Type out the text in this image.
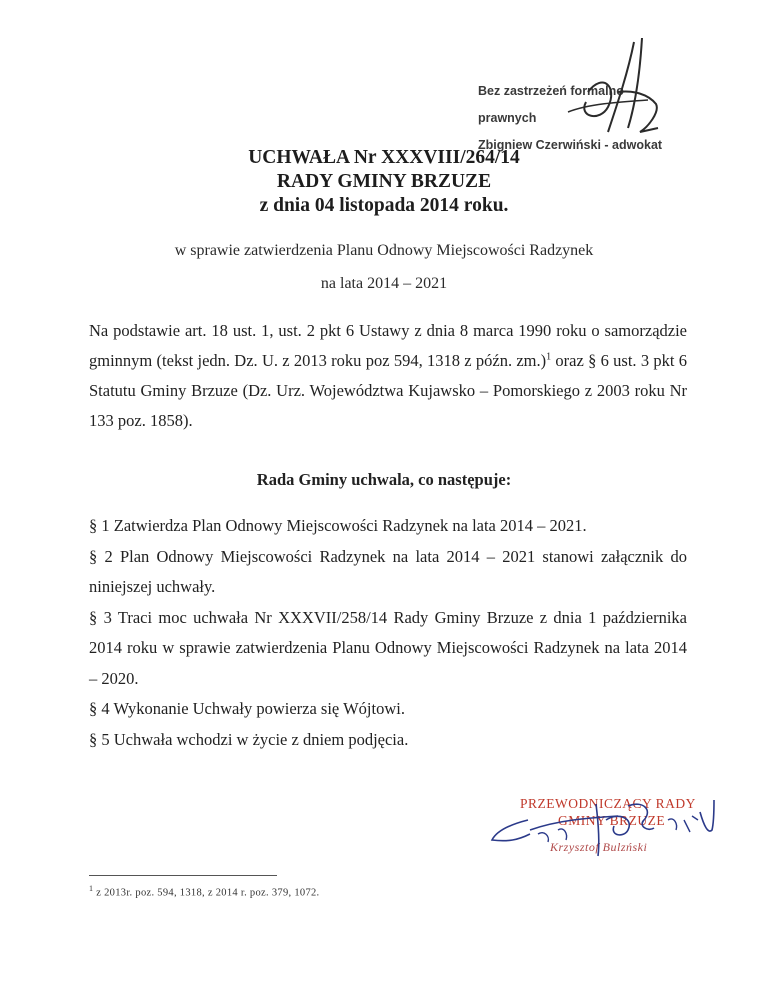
Bez zastrzeżeń formalno-prawnych
Zbigniew Czerwiński - adwokat
UCHWAŁA Nr XXXVIII/264/14
RADY GMINY BRZUZE
z dnia 04 listopada 2014 roku.
w sprawie zatwierdzenia Planu Odnowy Miejscowości Radzynek
na lata 2014 – 2021
Na podstawie art. 18 ust. 1, ust. 2 pkt 6 Ustawy z dnia 8 marca 1990 roku o samorządzie gminnym (tekst jedn. Dz. U. z 2013 roku poz 594, 1318 z późn. zm.)$^1$ oraz § 6 ust. 3 pkt 6 Statutu Gminy Brzuze (Dz. Urz. Województwa Kujawsko – Pomorskiego z 2003 roku Nr 133 poz. 1858).
Rada Gminy uchwala, co następuje:

§ 1 Zatwierdza Plan Odnowy Miejscowości Radzynek na lata 2014 – 2021.

§ 2 Plan Odnowy Miejscowości Radzynek na lata 2014 – 2021 stanowi załącznik do niniejszej uchwały.

§ 3 Traci moc uchwała Nr XXXVII/258/14 Rady Gminy Brzuze z dnia 1 października 2014 roku w sprawie zatwierdzenia Planu Odnowy Miejscowości Radzynek na lata 2014 – 2020.

§ 4 Wykonanie Uchwały powierza się Wójtowi.

§ 5 Uchwała wchodzi w życie z dniem podjęcia.

PRZEWODNICZĄCY RADY
GMINY BRZUZE
Krzysztof Bulzński
$^1$ z 2013r. poz. 594, 1318, z 2014 r. poz. 379, 1072.
